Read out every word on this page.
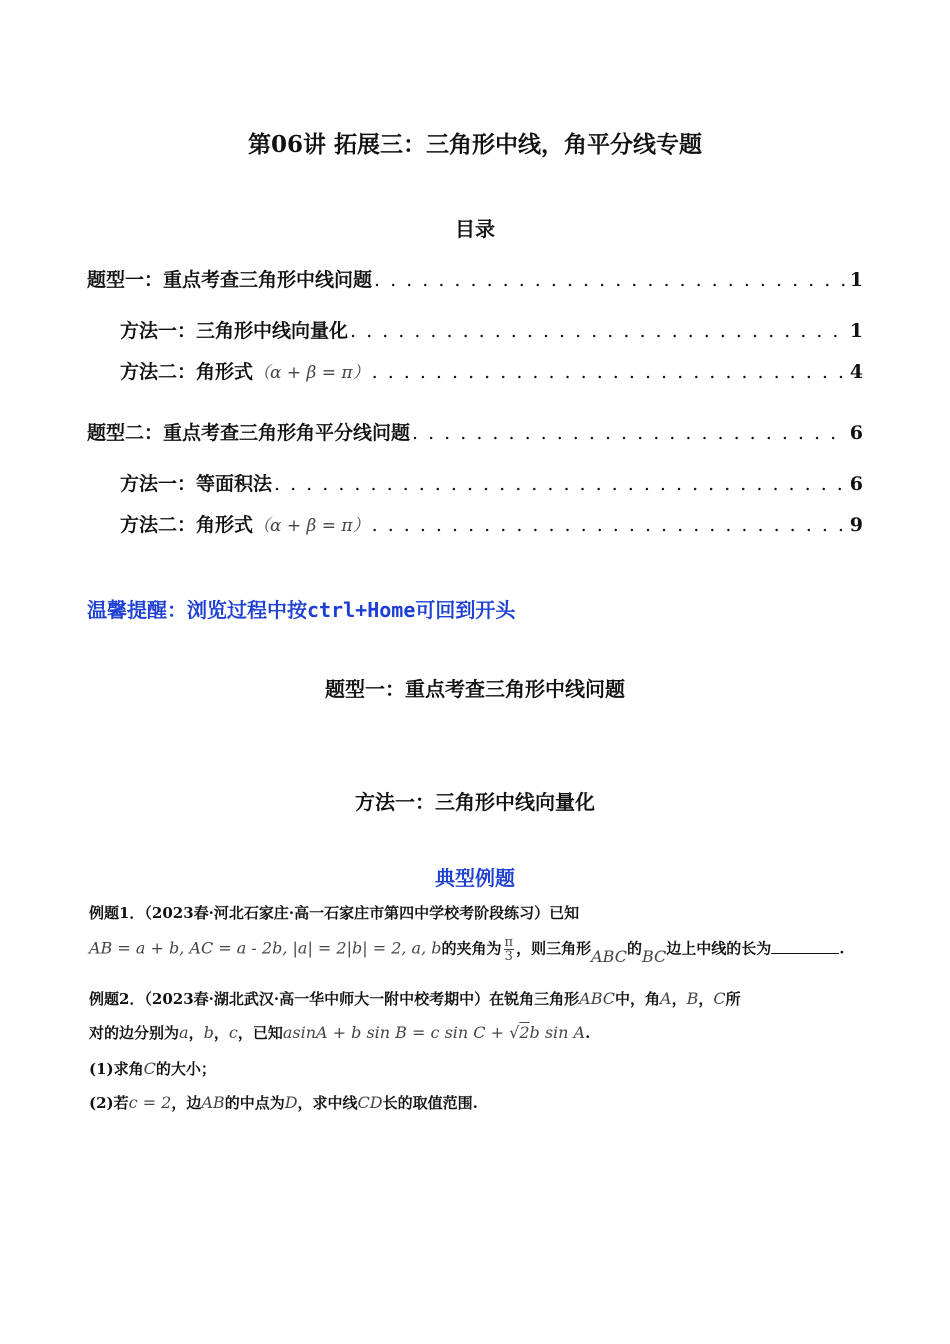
第06讲 拓展三：三角形中线，角平分线专题
目录
题型一：重点考查三角形中线问题 . . .	1
方法一：三角形中线向量化 . . .	1
方法二：角形式 （α + β = π） . . .	4
题型二：重点考查三角形角平分线问题 . . .	6
方法一：等面积法 . . .	6
方法二：角形式 （α + β = π） . . .	9
温馨提醒：浏览过程中按ctrl+Home可回到开头
题型一：重点考查三角形中线问题
方法一：三角形中线向量化
典型例题
例题1．（2023春·河北石家庄·高一石家庄市第四中学校考阶段练习）已知
AB = a + b, AC = a - 2b, |a| = 2|b| = 2, a, b的夹角为 $\frac{\pi}{3}$ ，则三角形ABC的BC边上中线的长为	.
例题2．（2023春·湖北武汉·高一华中师大一附中校考期中）在锐角三角形ABC中，角A，B，C所
对的边分别为a，b，c，已知asinA + b sin B = c sin C + √2b sin A.
(1)求角C的大小；
(2)若c = 2，边AB的中点为D，求中线CD长的取值范围.
